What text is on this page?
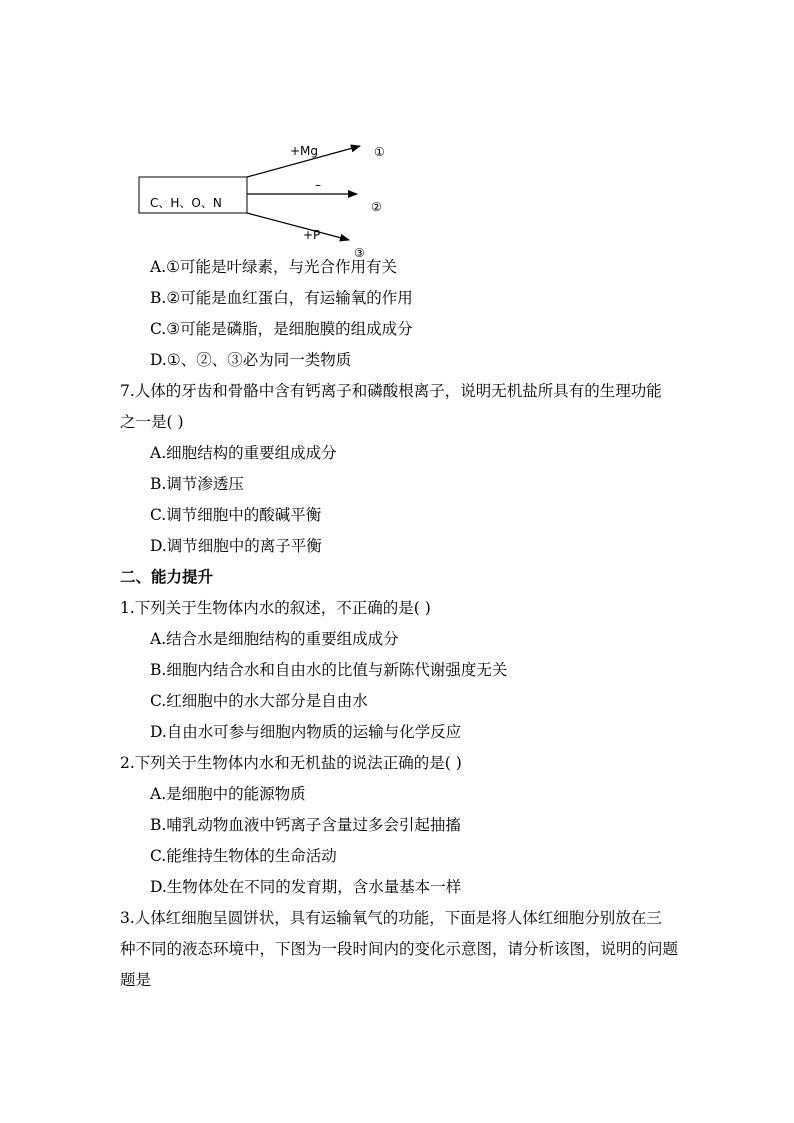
C、H、O、N
+Mg	①
–
②
+P
③
A.①可能是叶绿素，与光合作用有关
B.②可能是血红蛋白，有运输氧的作用
C.③可能是磷脂，是细胞膜的组成成分
D.①、②、③必为同一类物质
7.人体的牙齿和骨骼中含有钙离子和磷酸根离子，说明无机盐所具有的生理功能
之一是( )
A.细胞结构的重要组成成分
B.调节渗透压
C.调节细胞中的酸碱平衡
D.调节细胞中的离子平衡
二、能力提升
1.下列关于生物体内水的叙述，不正确的是( )
A.结合水是细胞结构的重要组成成分
B.细胞内结合水和自由水的比值与新陈代谢强度无关
C.红细胞中的水大部分是自由水
D.自由水可参与细胞内物质的运输与化学反应
2.下列关于生物体内水和无机盐的说法正确的是( )
A.是细胞中的能源物质
B.哺乳动物血液中钙离子含量过多会引起抽搐
C.能维持生物体的生命活动
D.生物体处在不同的发育期，含水量基本一样
3.人体红细胞呈圆饼状，具有运输氧气的功能，下面是将人体红细胞分别放在三
种不同的液态环境中，下图为一段时间内的变化示意图，请分析该图，说明的问题
题是
